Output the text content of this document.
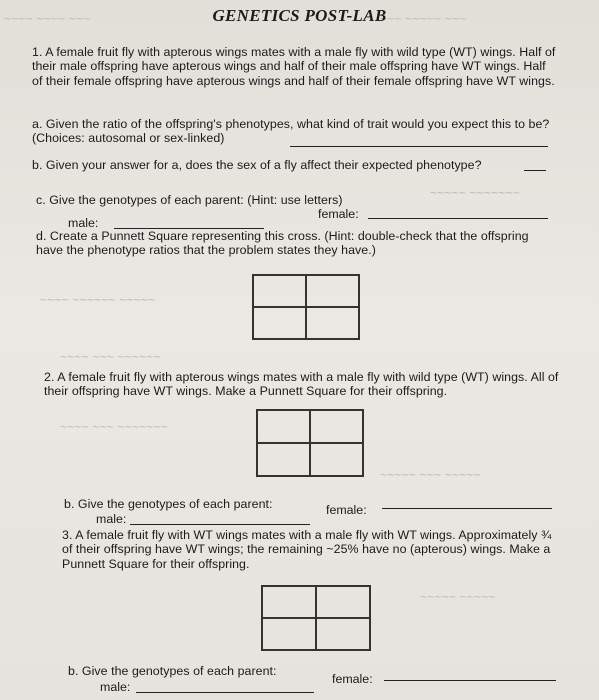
~~~~ ~~~~ ~~~	~~~ ~~~~~ ~~~
~~~~~ ~~~~~~~
~~~~ ~~~~~~ ~~~~~
~~~~ ~~~ ~~~~~~
~~~~ ~~~ ~~~~~~~
~~~~~ ~~~ ~~~~~
~~~~~ ~~~~~
GENETICS POST-LAB
1. A female fruit fly with apterous wings mates with a male fly with wild type (WT) wings. Half of their male offspring have apterous wings and half of their male offspring have WT wings. Half of their female offspring have apterous wings and half of their female offspring have WT wings.
a. Given the ratio of the offspring's phenotypes, what kind of trait would you expect this to be? (Choices: autosomal or sex-linked)
b. Given your answer for a, does the sex of a fly affect their expected phenotype?
c. Give the genotypes of each parent: (Hint: use letters)
male:
female:
d. Create a Punnett Square representing this cross. (Hint: double-check that the offspring have the phenotype ratios that the problem states they have.)
2. A female fruit fly with apterous wings mates with a male fly with wild type (WT) wings. All of their offspring have WT wings. Make a Punnett Square for their offspring.
b. Give the genotypes of each parent:
male:
female:
3. A female fruit fly with WT wings mates with a male fly with WT wings. Approximately ¾ of their offspring have WT wings; the remaining ~25% have no (apterous) wings. Make a Punnett Square for their offspring.
b. Give the genotypes of each parent:
male:
female:
